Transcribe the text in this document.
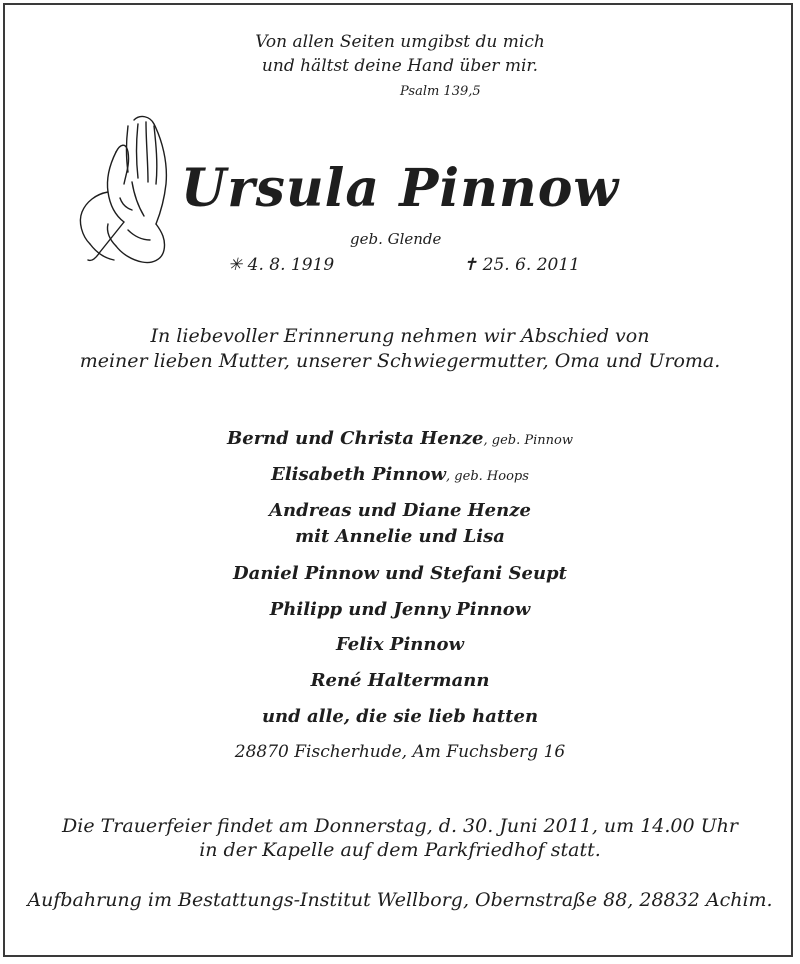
Von allen Seiten umgibst du mich
und hältst deine Hand über mir.
Psalm 139,5
Ursula Pinnow
geb. Glende
✳ 4. 8. 1919	✝ 25. 6. 2011
In liebevoller Erinnerung nehmen wir Abschied von
meiner lieben Mutter, unserer Schwiegermutter, Oma und Uroma.
Bernd und Christa Henze, geb. Pinnow
Elisabeth Pinnow, geb. Hoops
Andreas und Diane Henze
mit Annelie und Lisa
Daniel Pinnow und Stefani Seupt
Philipp und Jenny Pinnow
Felix Pinnow
René Haltermann
und alle, die sie lieb hatten
28870 Fischerhude, Am Fuchsberg 16
Die Trauerfeier findet am Donnerstag, d. 30. Juni 2011, um 14.00 Uhr
in der Kapelle auf dem Parkfriedhof statt.
Aufbahrung im Bestattungs-Institut Wellborg, Obernstraße 88, 28832 Achim.
